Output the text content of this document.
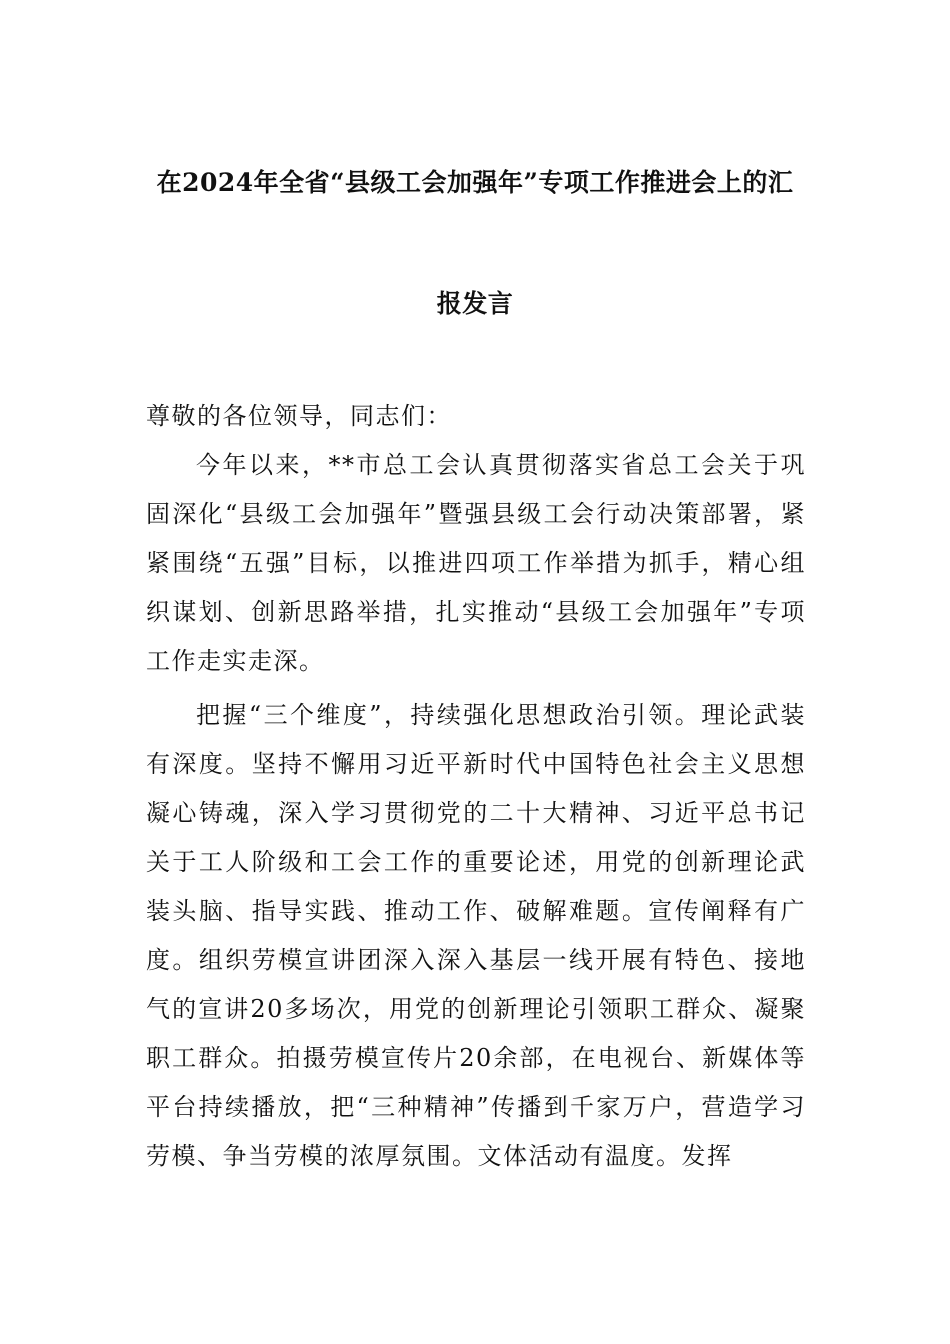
在2024年全省“县级工会加强年”专项工作推进会上的汇
报发言
尊敬的各位领导，同志们：

今年以来，**市总工会认真贯彻落实省总工会关于巩固深化“县级工会加强年”暨强县级工会行动决策部署，紧紧围绕“五强”目标，以推进四项工作举措为抓手，精心组织谋划、创新思路举措，扎实推动“县级工会加强年”专项工作走实走深。

把握“三个维度”，持续强化思想政治引领。理论武装有深度。坚持不懈用习近平新时代中国特色社会主义思想凝心铸魂，深入学习贯彻党的二十大精神、习近平总书记关于工人阶级和工会工作的重要论述，用党的创新理论武装头脑、指导实践、推动工作、破解难题。宣传阐释有广度。组织劳模宣讲团深入深入基层一线开展有特色、接地气的宣讲20多场次，用党的创新理论引领职工群众、凝聚职工群众。拍摄劳模宣传片20余部，在电视台、新媒体等平台持续播放，把“三种精神”传播到千家万户，营造学习劳模、争当劳模的浓厚氛围。文体活动有温度。发挥
